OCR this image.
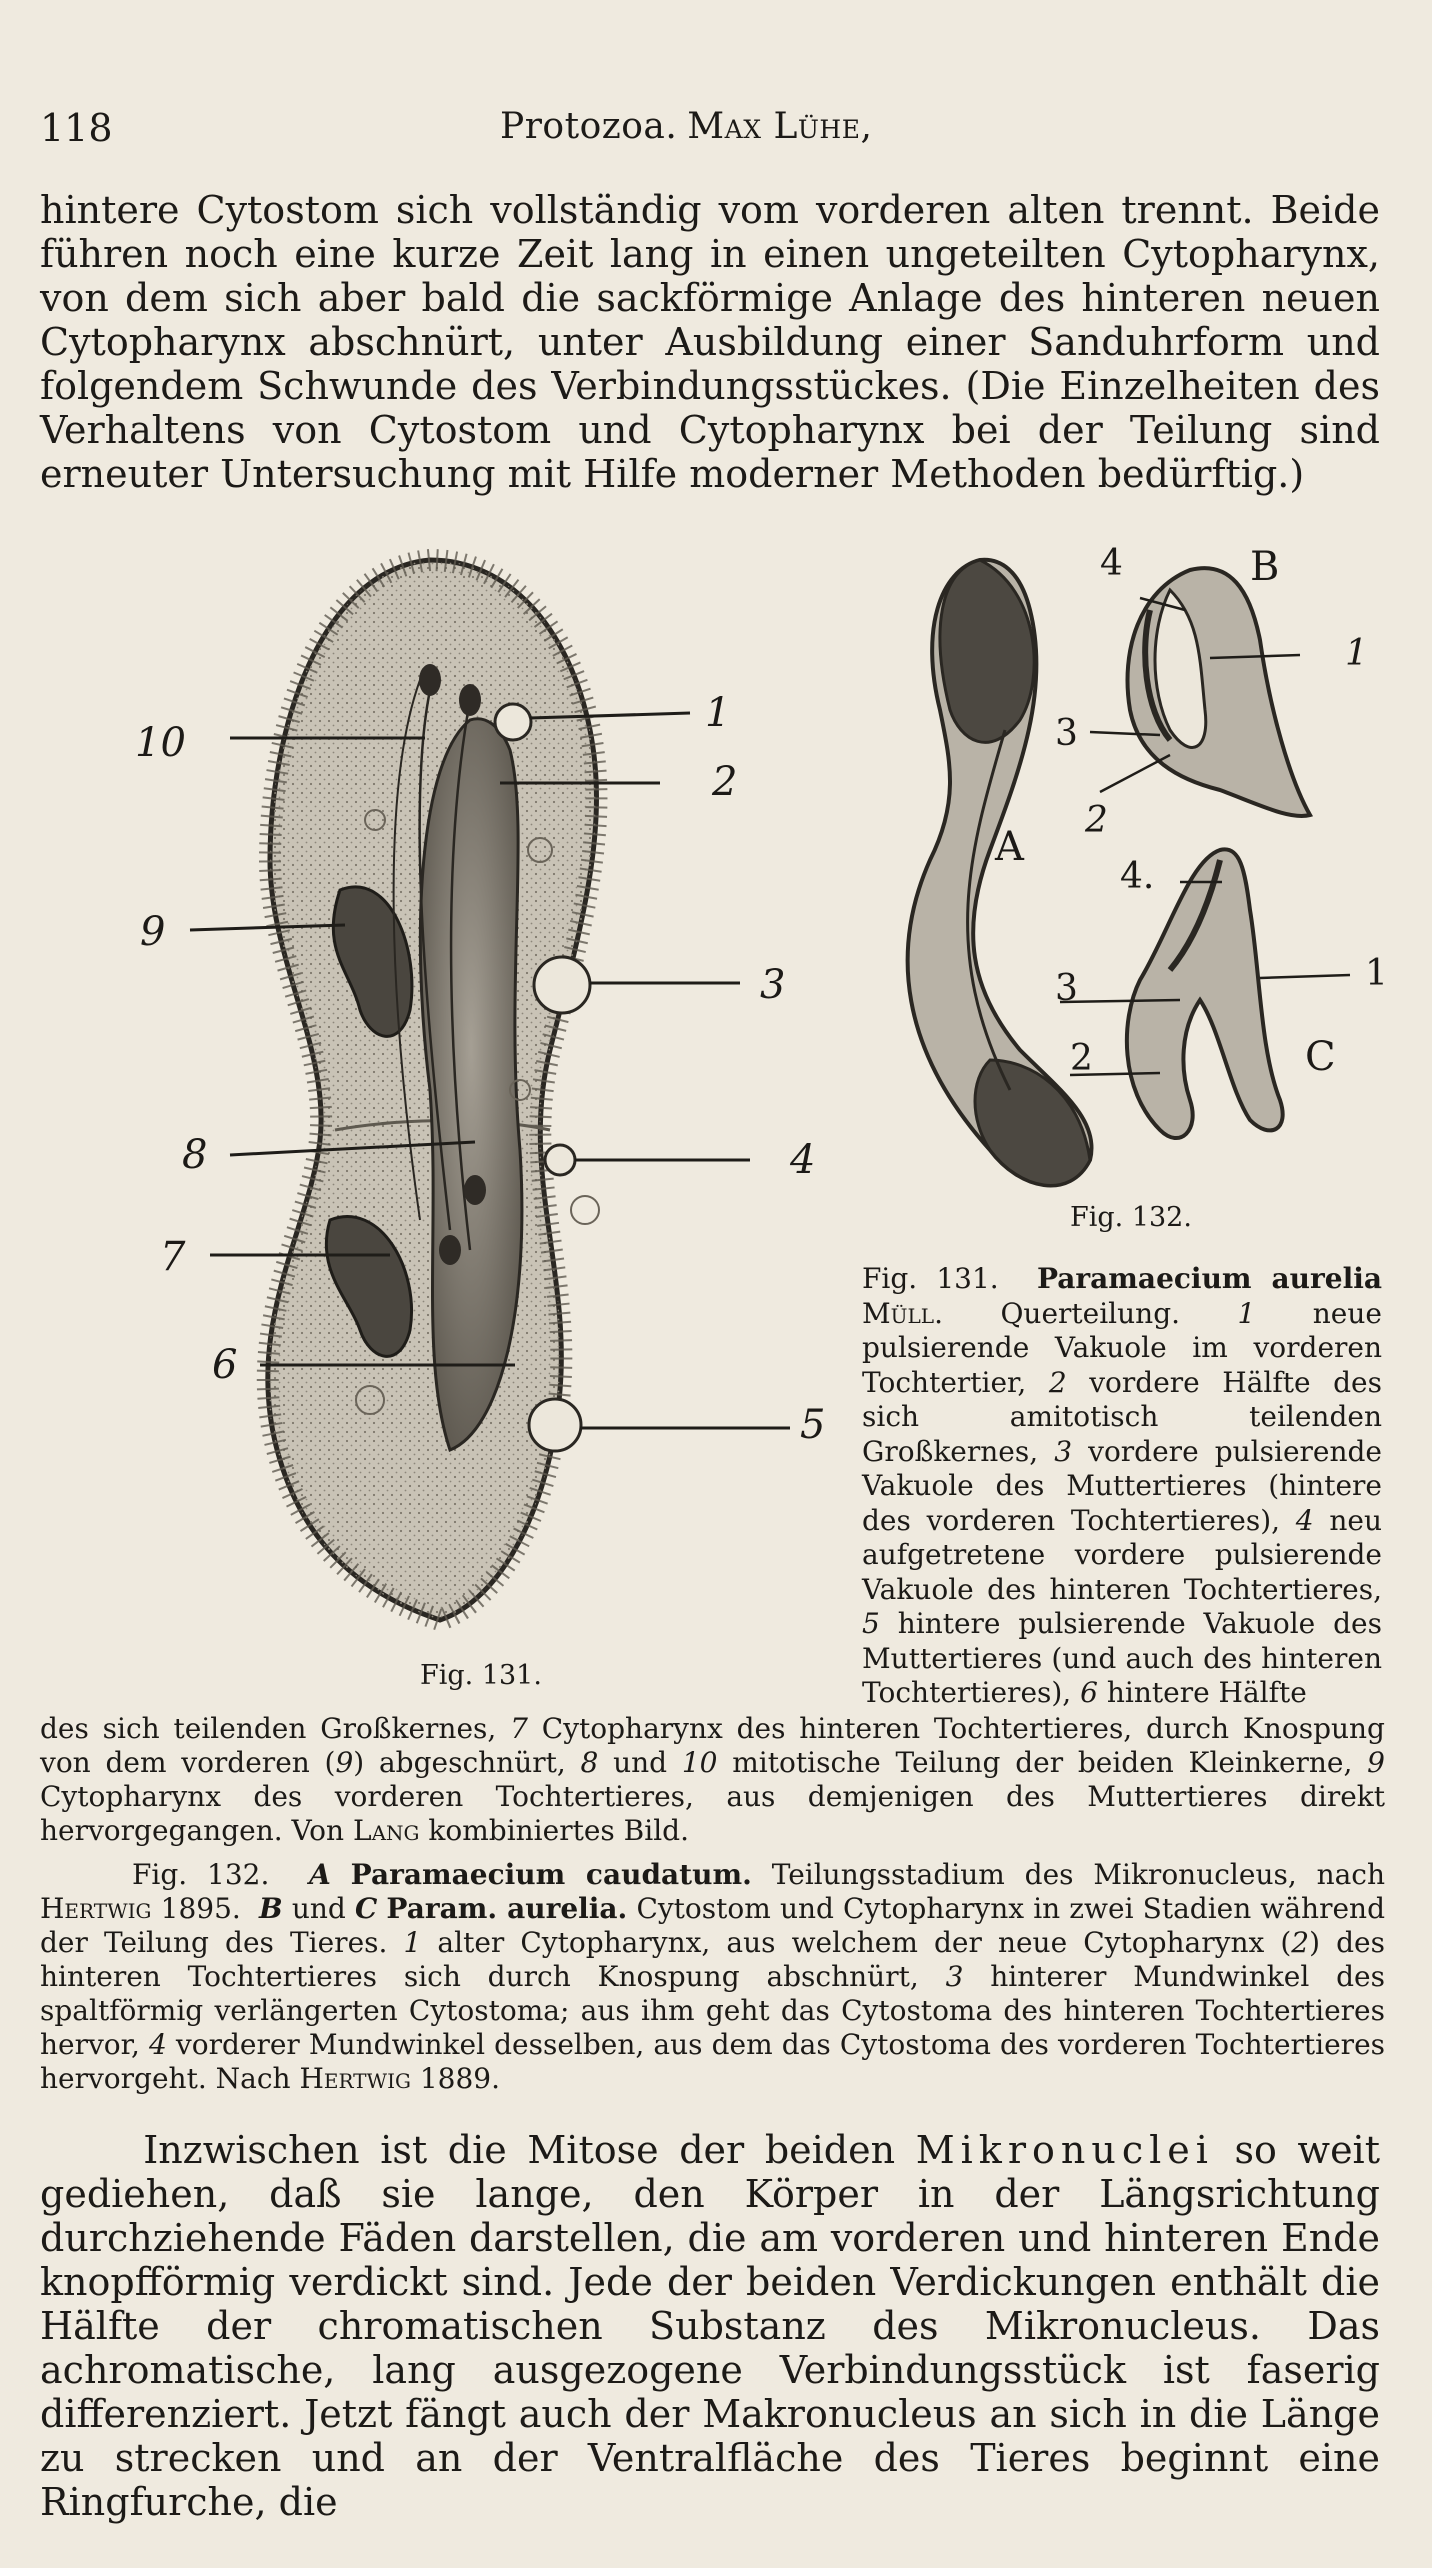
118	Protozoa. Max Lühe,
hintere Cytostom sich vollständig vom vorderen alten trennt. Beide führen noch eine kurze Zeit lang in einen ungeteilten Cytopharynx, von dem sich aber bald die sackförmige Anlage des hinteren neuen Cytopharynx abschnürt, unter Ausbildung einer Sanduhrform und folgendem Schwunde des Verbindungsstückes. (Die Einzelheiten des Verhaltens von Cytostom und Cytopharynx bei der Teilung sind erneuter Untersuchung mit Hilfe moderner Methoden bedürftig.)
1
2
3
4
5
6
7
8
9
10
Fig. 131.
A
B
C
4
1
3
2
4.
1
3
2
Fig. 132.
Fig. 131. Paramaecium aurelia Müll. Querteilung. 1 neue pulsierende Vakuole im vorderen Tochtertier, 2 vordere Hälfte des sich amitotisch teilenden Großkernes, 3 vordere pulsierende Vakuole des Muttertieres (hintere des vorderen Tochtertieres), 4 neu aufgetretene vordere pulsierende Vakuole des hinteren Tochtertieres, 5 hintere pulsierende Vakuole des Muttertieres (und auch des hinteren Tochtertieres), 6 hintere Hälfte
des sich teilenden Großkernes, 7 Cytopharynx des hinteren Tochtertieres, durch Knospung von dem vorderen (9) abgeschnürt, 8 und 10 mitotische Teilung der beiden Kleinkerne, 9 Cytopharynx des vorderen Tochtertieres, aus demjenigen des Muttertieres direkt hervorgegangen. Von Lang kombiniertes Bild.
Fig. 132. A Paramaecium caudatum. Teilungsstadium des Mikronucleus, nach Hertwig 1895. B und C Param. aurelia. Cytostom und Cytopharynx in zwei Stadien während der Teilung des Tieres. 1 alter Cytopharynx, aus welchem der neue Cytopharynx (2) des hinteren Tochtertieres sich durch Knospung abschnürt, 3 hinterer Mundwinkel des spaltförmig verlängerten Cytostoma; aus ihm geht das Cytostoma des hinteren Tochtertieres hervor, 4 vorderer Mundwinkel desselben, aus dem das Cytostoma des vorderen Tochtertieres hervorgeht. Nach Hertwig 1889.
Inzwischen ist die Mitose der beiden Mikronuclei so weit gediehen, daß sie lange, den Körper in der Längsrichtung durchziehende Fäden darstellen, die am vorderen und hinteren Ende knopfförmig verdickt sind. Jede der beiden Verdickungen enthält die Hälfte der chromatischen Substanz des Mikronucleus. Das achromatische, lang ausgezogene Verbindungsstück ist faserig differenziert. Jetzt fängt auch der Makronucleus an sich in die Länge zu strecken und an der Ventralfläche des Tieres beginnt eine Ringfurche, die
